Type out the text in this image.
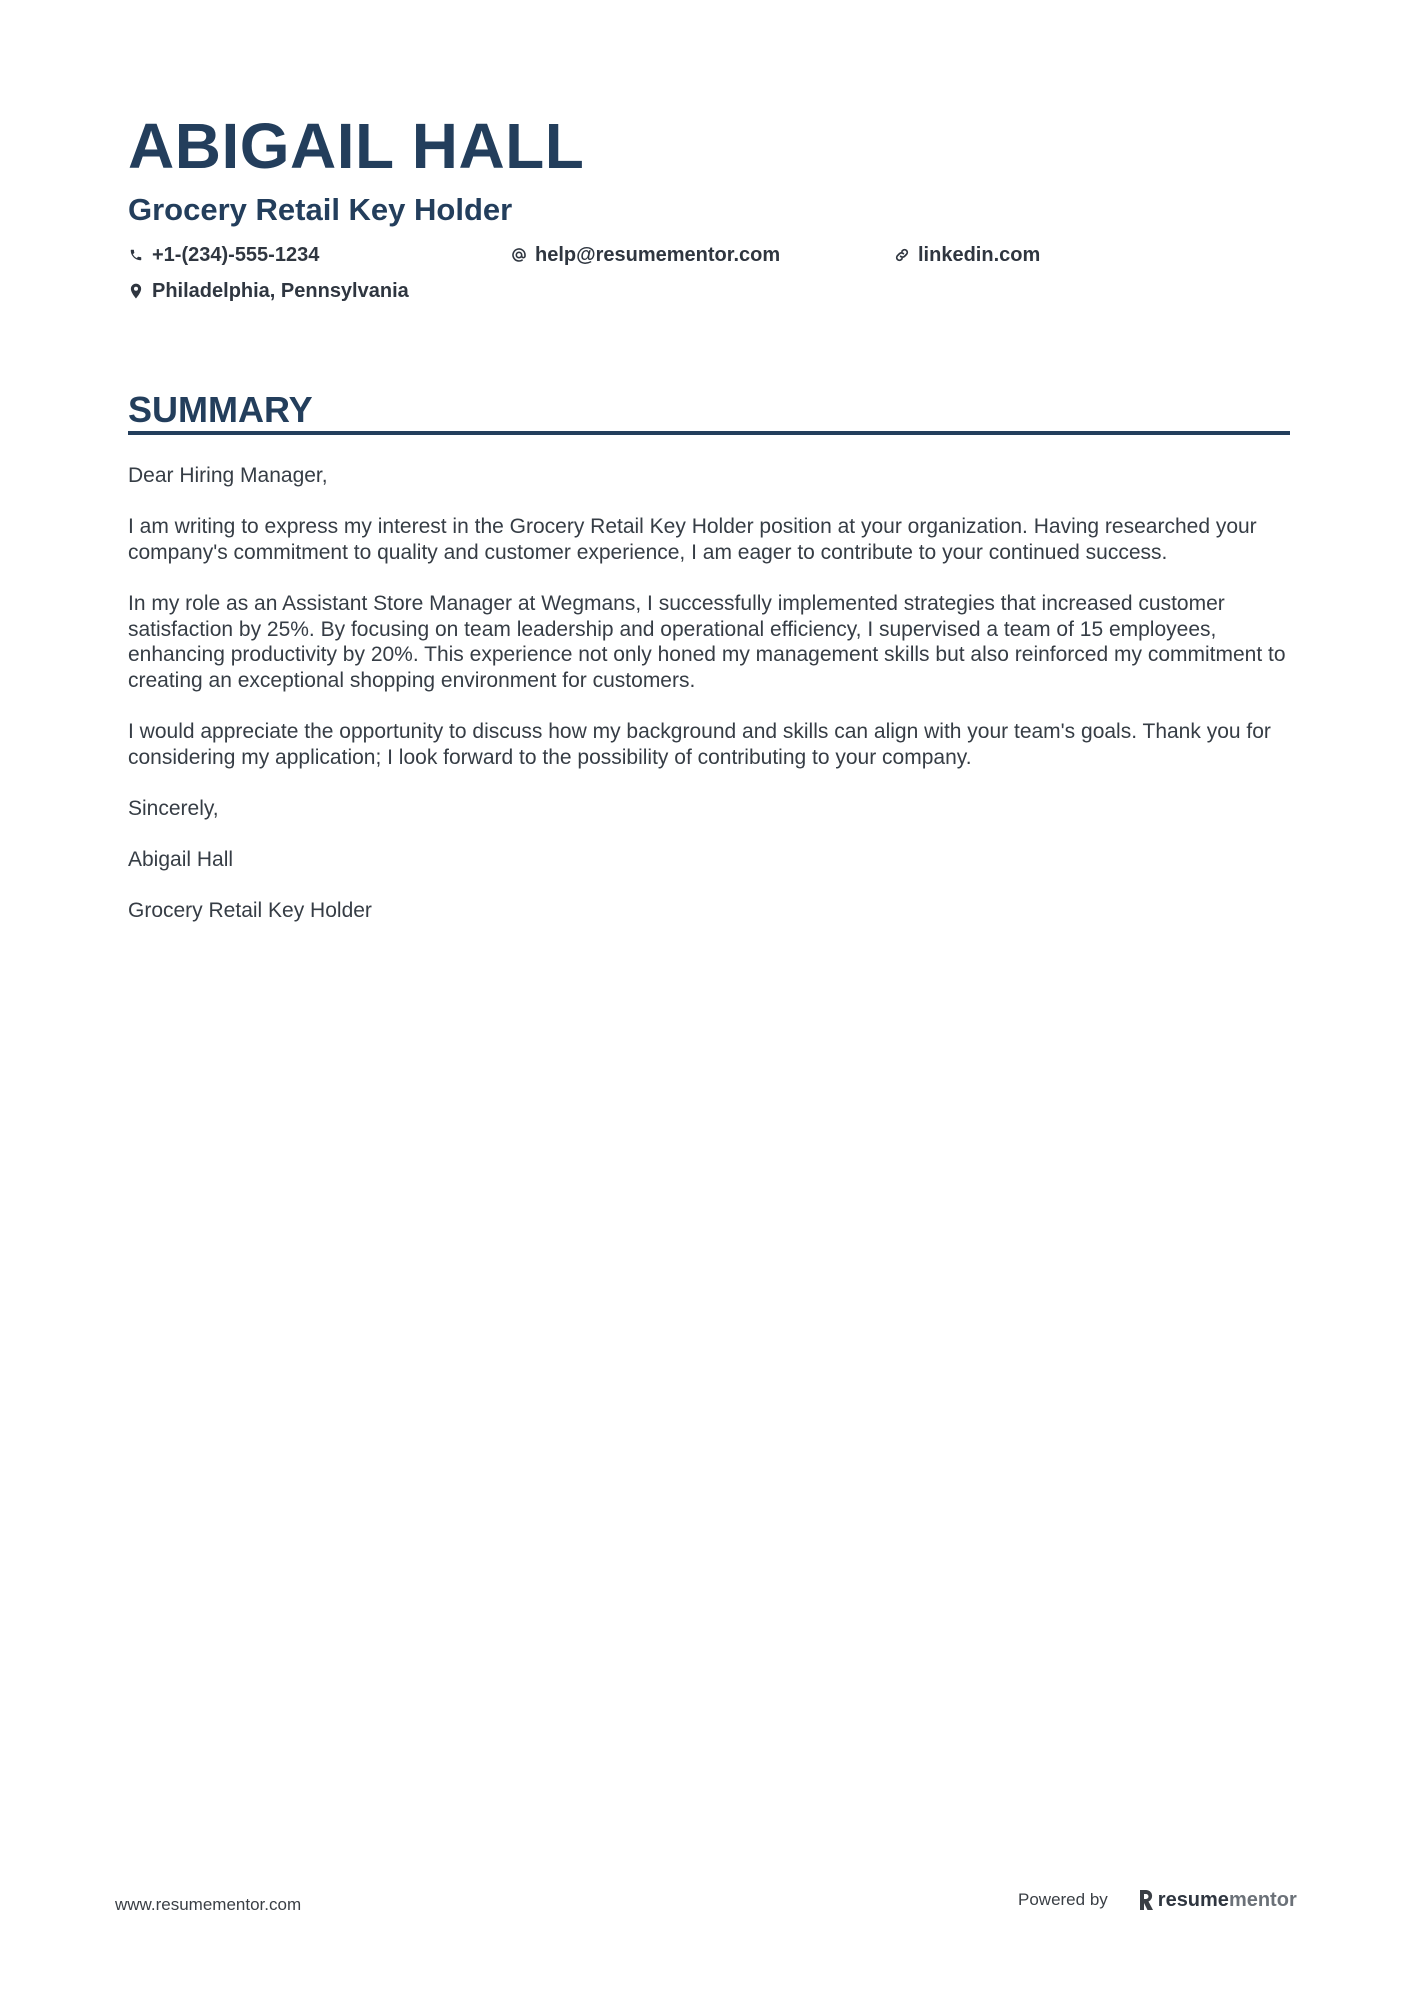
ABIGAIL HALL
Grocery Retail Key Holder
+1-(234)-555-1234	help@resumementor.com	linkedin.com
Philadelphia, Pennsylvania
SUMMARY

Dear Hiring Manager,

I am writing to express my interest in the Grocery Retail Key Holder position at your organization. Having researched your company's commitment to quality and customer experience, I am eager to contribute to your continued success.

In my role as an Assistant Store Manager at Wegmans, I successfully implemented strategies that increased customer satisfaction by 25%. By focusing on team leadership and operational efficiency, I supervised a team of 15 employees, enhancing productivity by 20%. This experience not only honed my management skills but also reinforced my commitment to creating an exceptional shopping environment for customers.

I would appreciate the opportunity to discuss how my background and skills can align with your team's goals. Thank you for considering my application; I look forward to the possibility of contributing to your company.

Sincerely,

Abigail Hall

Grocery Retail Key Holder

www.resumementor.com	Powered by	resume mentor
